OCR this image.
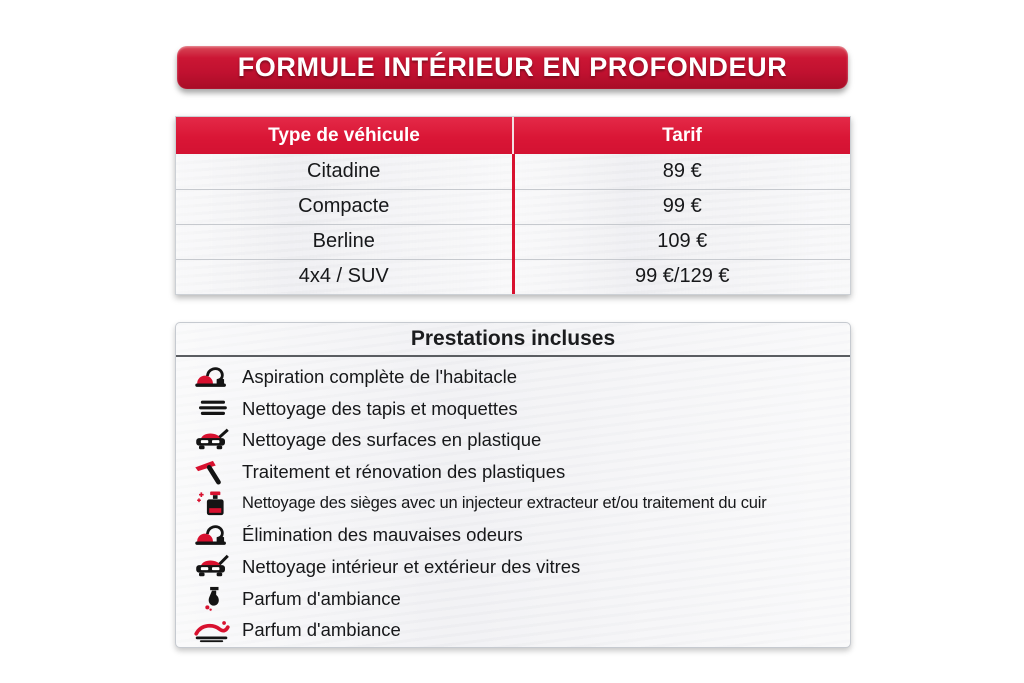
FORMULE INTÉRIEUR EN PROFONDEUR
Type de véhicule	Tarif
Citadine	89 €
Compacte	99 €
Berline	109 €
4x4 / SUV	99 €/129 €
Prestations incluses
Aspiration complète de l'habitacle
Nettoyage des tapis et moquettes
Nettoyage des surfaces en plastique
Traitement et rénovation des plastiques
Nettoyage des sièges avec un injecteur extracteur et/ou traitement du cuir
Élimination des mauvaises odeurs
Nettoyage intérieur et extérieur des vitres
Parfum d'ambiance
Parfum d'ambiance
